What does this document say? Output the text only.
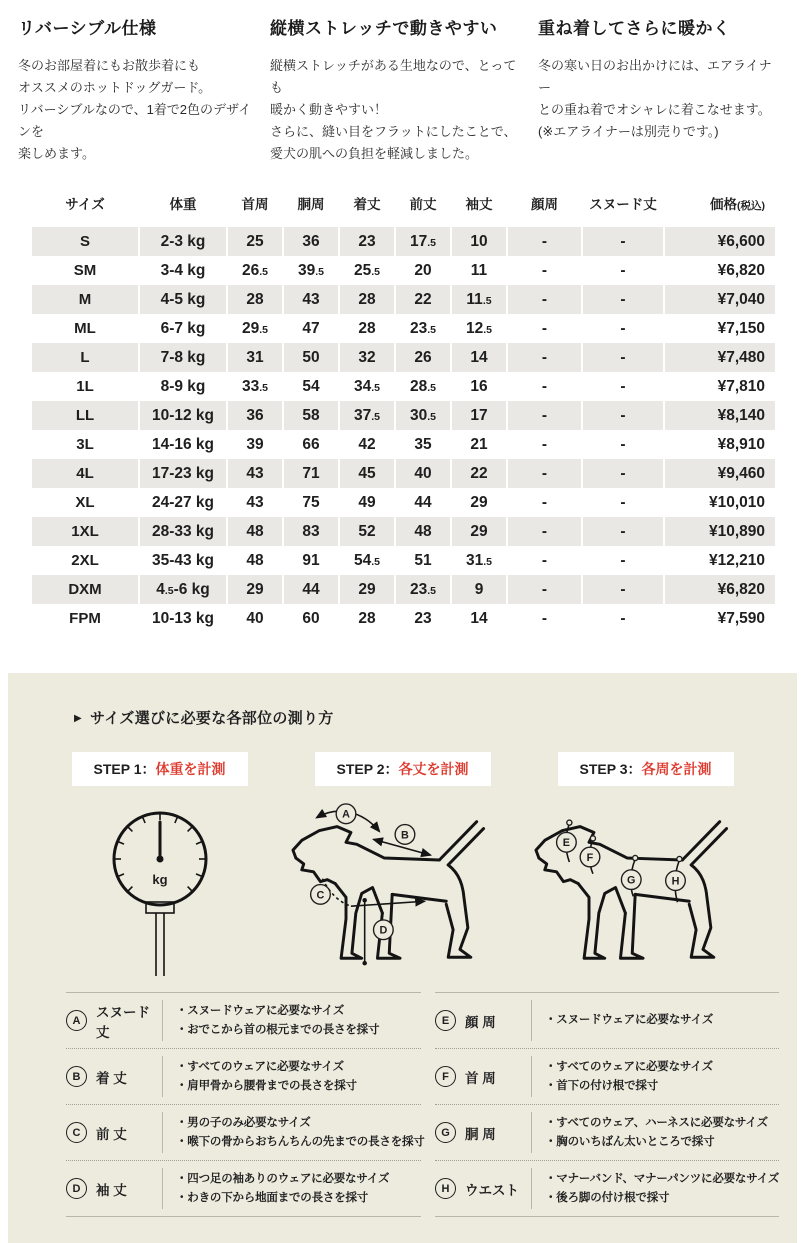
リバーシブル仕様

冬のお部屋着にもお散歩着にも
オススメのホットドッグガード。
リバーシブルなので、1着で2色のデザインを
楽しめます。

縦横ストレッチで動きやすい

縦横ストレッチがある生地なので、とっても
暖かく動きやすい！
さらに、縫い目をフラットにしたことで、
愛犬の肌への負担を軽減しました。

重ね着してさらに暖かく

冬の寒い日のお出かけには、エアライナー
との重ね着でオシャレに着こなせます。
(※エアライナーは別売りです。)

サイズ	体重	首周	胴周	着丈	前丈	袖丈	顔周	スヌード丈	価格(税込)
S	2-3 kg	25	36	23	17.5	10	-	-	¥6,600
SM	3-4 kg	26.5	39.5	25.5	20	11	-	-	¥6,820
M	4-5 kg	28	43	28	22	11.5	-	-	¥7,040
ML	6-7 kg	29.5	47	28	23.5	12.5	-	-	¥7,150
L	7-8 kg	31	50	32	26	14	-	-	¥7,480
1L	8-9 kg	33.5	54	34.5	28.5	16	-	-	¥7,810
LL	10-12 kg	36	58	37.5	30.5	17	-	-	¥8,140
3L	14-16 kg	39	66	42	35	21	-	-	¥8,910
4L	17-23 kg	43	71	45	40	22	-	-	¥9,460
XL	24-27 kg	43	75	49	44	29	-	-	¥10,010
1XL	28-33 kg	48	83	52	48	29	-	-	¥10,890
2XL	35-43 kg	48	91	54.5	51	31.5	-	-	¥12,210
DXM	4.5-6 kg	29	44	29	23.5	9	-	-	¥6,820
FPM	10-13 kg	40	60	28	23	14	-	-	¥7,590
▶ サイズ選びに必要な各部位の測り方
STEP 1：体重を計測
kg
STEP 2：各丈を計測
A
B
C
D
STEP 3：各周を計測
E
F
G	H
A
スヌード丈
・スヌードウェアに必要なサイズ
・おでこから首の根元までの長さを採寸
B	着 丈
・すべてのウェアに必要なサイズ
・肩甲骨から腰骨までの長さを採寸
C	前 丈
・男の子のみ必要なサイズ
・喉下の骨からおちんちんの先までの長さを採寸
D	袖 丈
・四つ足の袖ありのウェアに必要なサイズ
・わきの下から地面までの長さを採寸
E	顔 周	・スヌードウェアに必要なサイズ
F	首 周
・すべてのウェアに必要なサイズ
・首下の付け根で採寸
G	胴 周
・すべてのウェア、ハーネスに必要なサイズ
・胸のいちばん太いところで採寸
H	ウエスト
・マナーバンド、マナーパンツに必要なサイズ
・後ろ脚の付け根で採寸
